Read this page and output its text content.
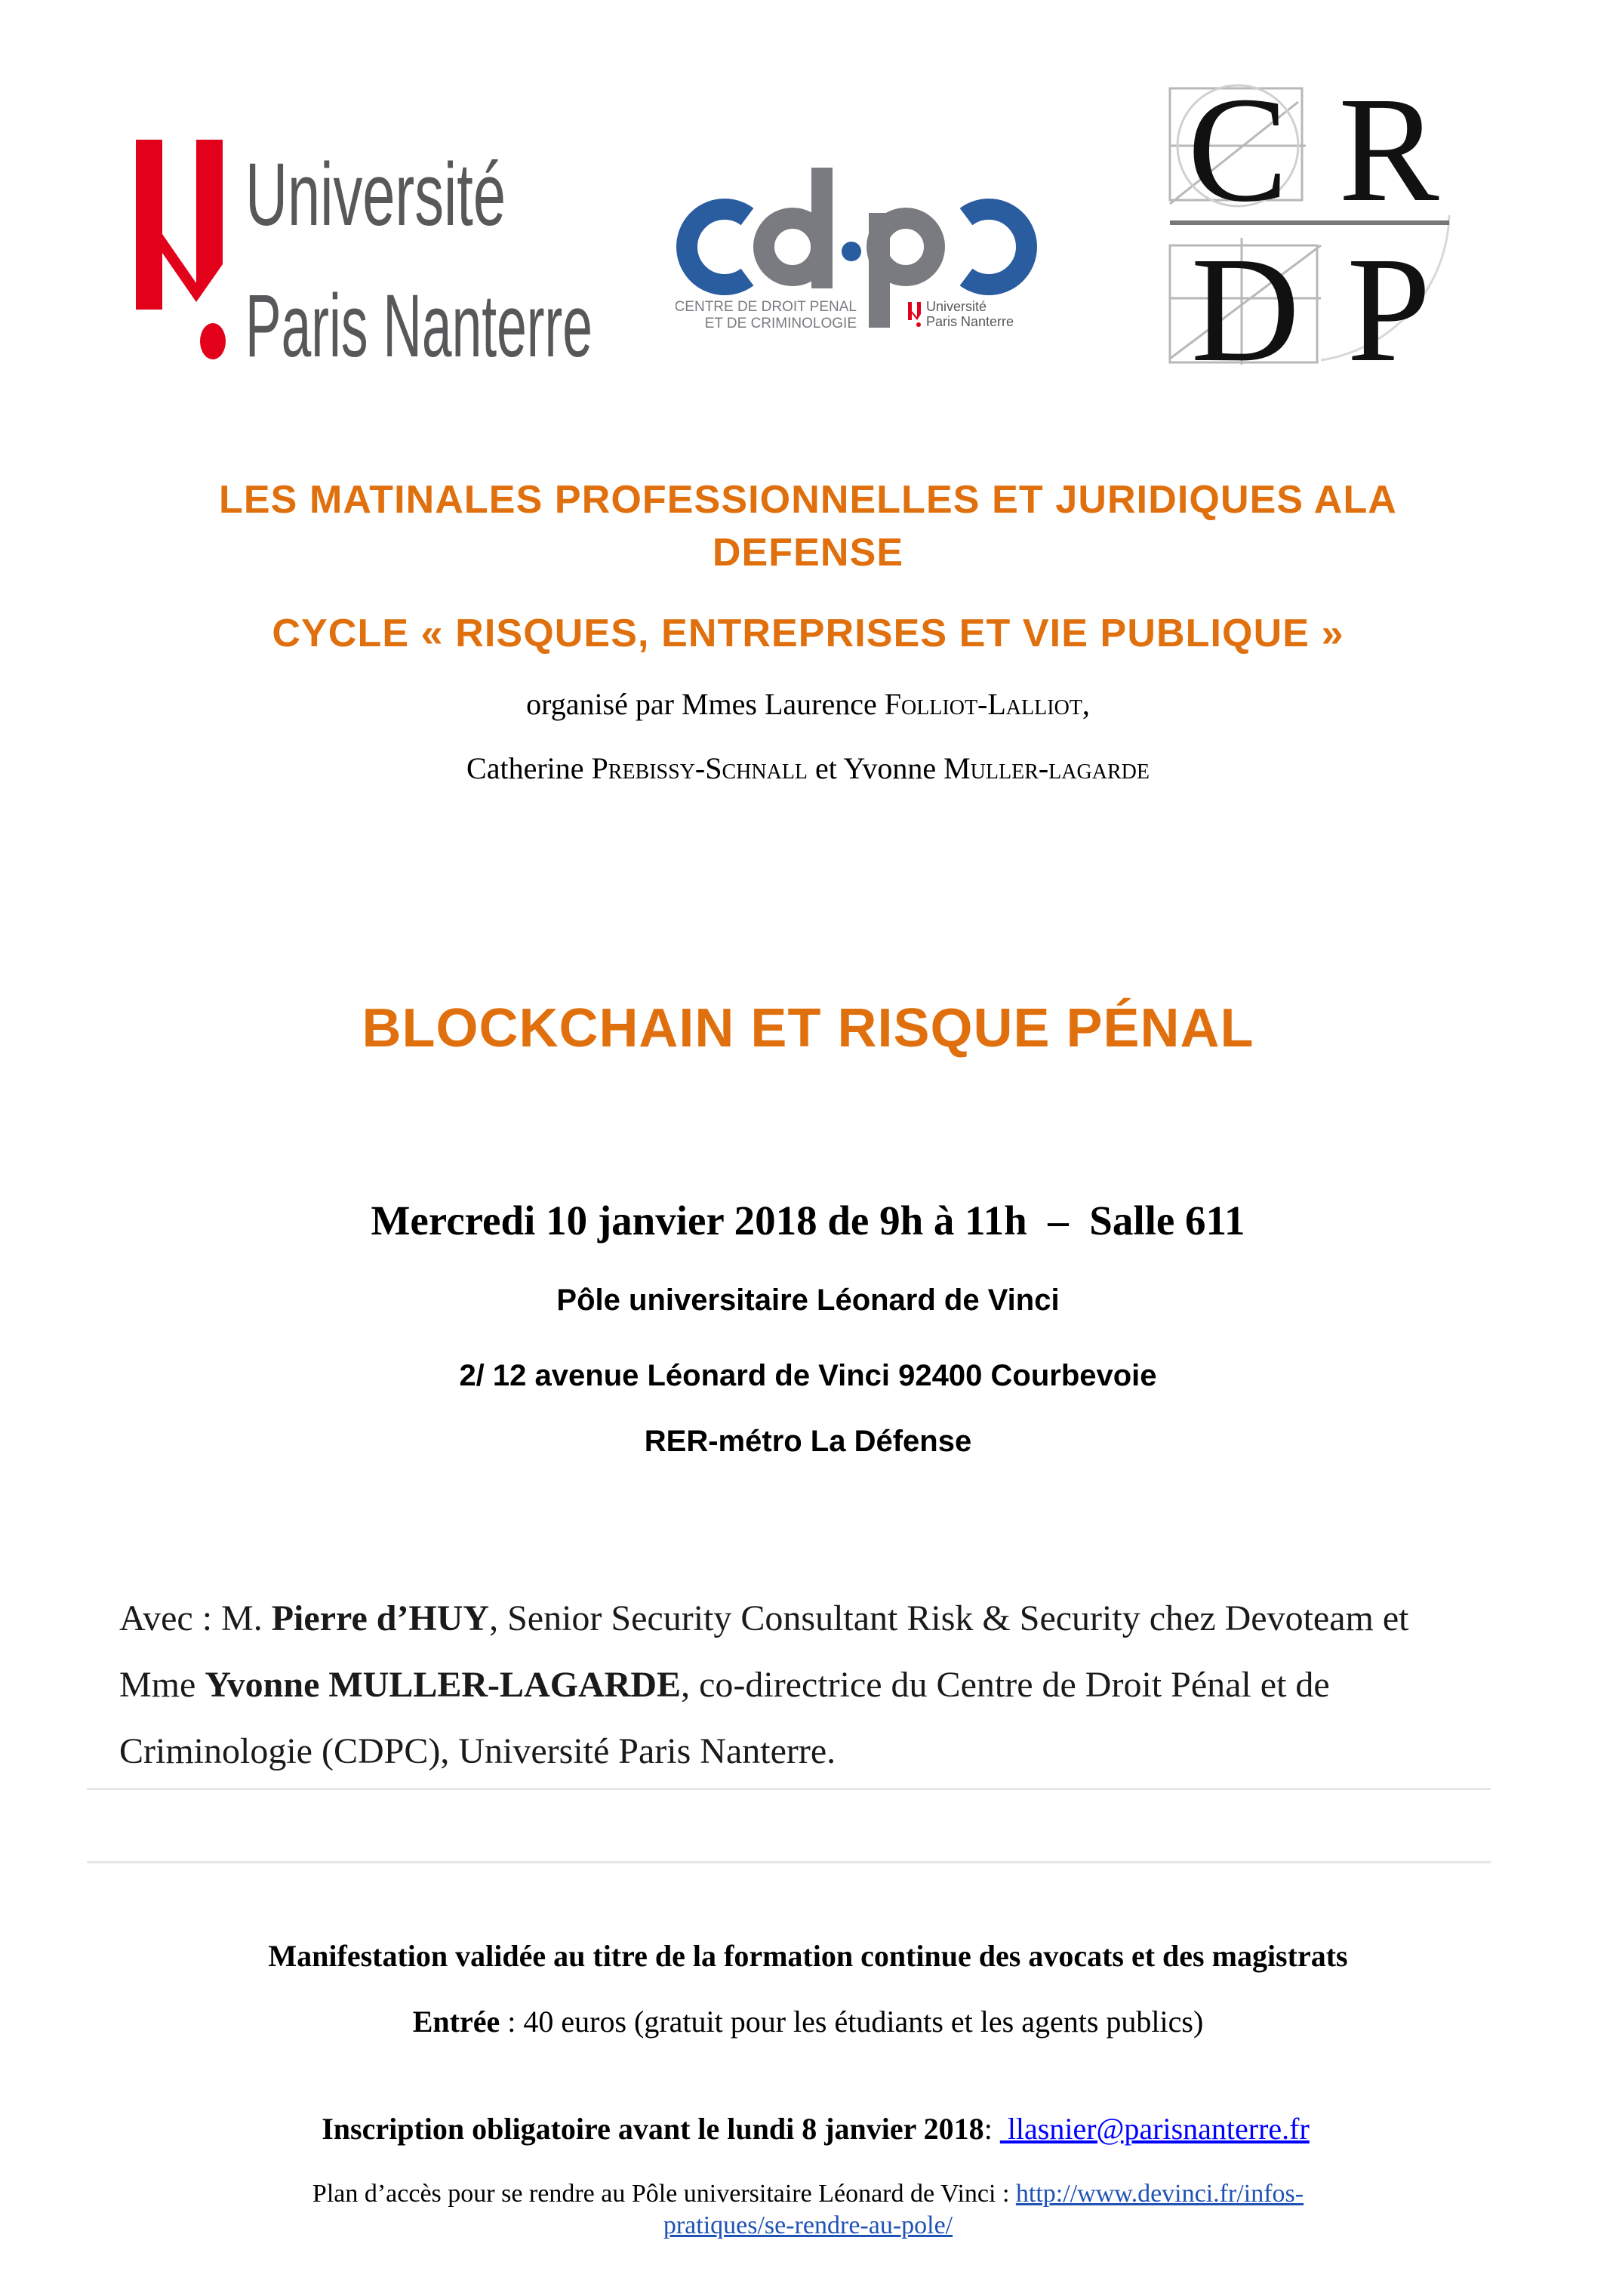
Université
Paris Nanterre	CENTRE DE DROIT PENAL
ET DE CRIMINOLOGIE
Université
Paris Nanterre
C R
D P
LES MATINALES PROFESSIONNELLES ET JURIDIQUES ALA
DEFENSE
CYCLE « RISQUES, ENTREPRISES ET VIE PUBLIQUE »
organisé par Mmes Laurence Folliot-Lalliot,
Catherine Prebissy-Schnall et Yvonne Muller-lagarde
BLOCKCHAIN ET RISQUE PÉNAL
Mercredi 10 janvier 2018 de 9h à 11h  –  Salle 611
Pôle universitaire Léonard de Vinci
2/ 12 avenue Léonard de Vinci 92400 Courbevoie
RER-métro La Défense
Avec : M. Pierre d’HUY, Senior Security Consultant Risk & Security chez Devoteam et
Mme Yvonne MULLER-LAGARDE, co-directrice du Centre de Droit Pénal et de
Criminologie (CDPC), Université Paris Nanterre.
Manifestation validée au titre de la formation continue des avocats et des magistrats
Entrée : 40 euros (gratuit pour les étudiants et les agents publics)

Inscription obligatoire avant le lundi 8 janvier 2018:  llasnier@parisnanterre.fr

Plan d’accès pour se rendre au Pôle universitaire Léonard de Vinci : http://www.devinci.fr/infos-
pratiques/se-rendre-au-pole/
